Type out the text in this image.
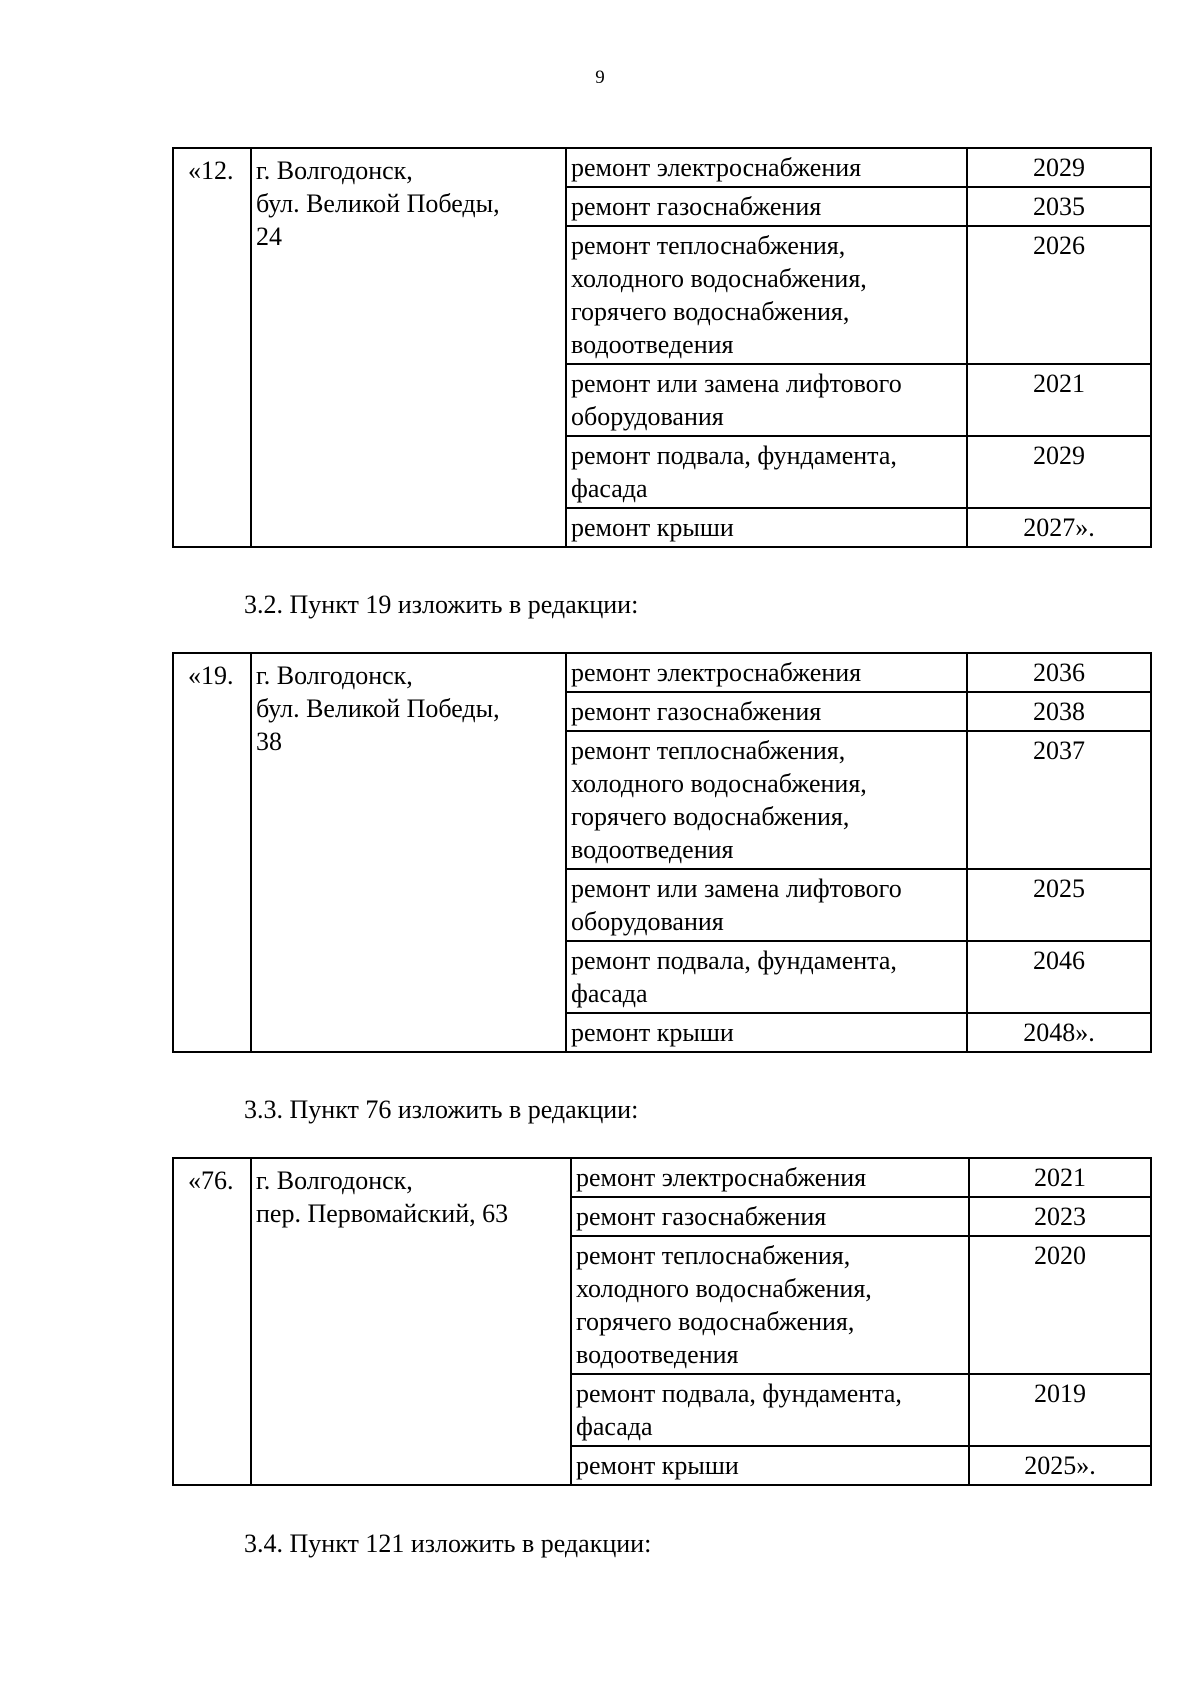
9
«12.	г. Волгодонск,
бул. Великой Победы,
24	ремонт электроснабжения	2029
		ремонт газоснабжения	2035
		ремонт теплоснабжения, холодного водоснабжения, горячего водоснабжения, водоотведения	2026
		ремонт или замена лифтового оборудования	2021
		ремонт подвала, фундамента, фасада	2029
		ремонт крыши	2027».
3.2. Пункт 19 изложить в редакции:
«19.	г. Волгодонск,
бул. Великой Победы,
38	ремонт электроснабжения	2036
		ремонт газоснабжения	2038
		ремонт теплоснабжения, холодного водоснабжения, горячего водоснабжения, водоотведения	2037
		ремонт или замена лифтового оборудования	2025
		ремонт подвала, фундамента, фасада	2046
		ремонт крыши	2048».
3.3. Пункт 76 изложить в редакции:
«76.	г. Волгодонск,
пер. Первомайский, 63	ремонт электроснабжения	2021
		ремонт газоснабжения	2023
		ремонт теплоснабжения, холодного водоснабжения, горячего водоснабжения, водоотведения	2020
		ремонт подвала, фундамента, фасада	2019
		ремонт крыши	2025».
3.4. Пункт 121 изложить в редакции:
